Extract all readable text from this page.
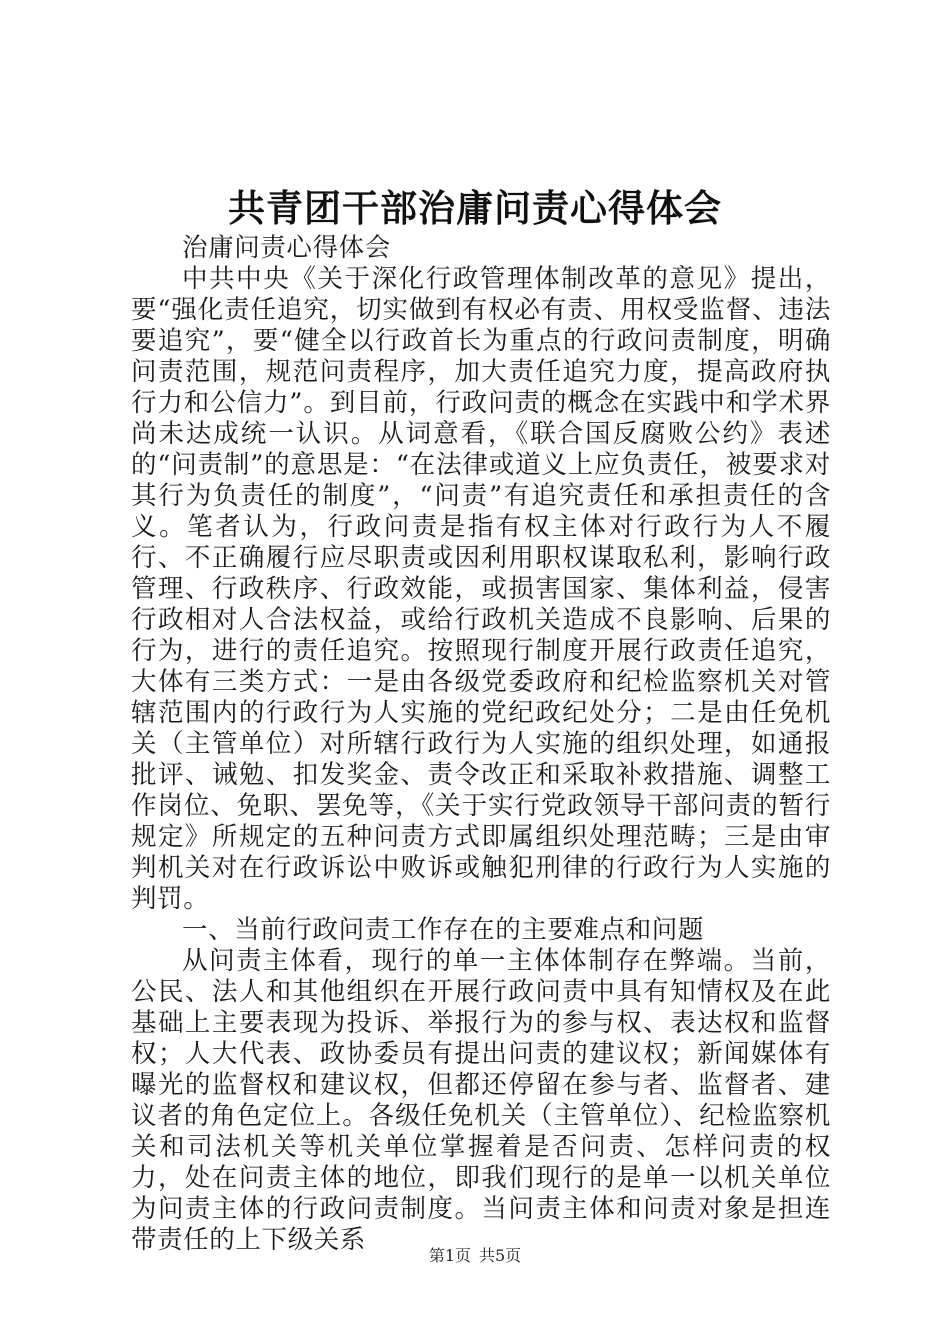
共青团干部治庸问责心得体会

治庸问责心得体会

中共中央《关于深化行政管理体制改革的意见》提出，要“强化责任追究，切实做到有权必有责、用权受监督、违法要追究”，要“健全以行政首长为重点的行政问责制度，明确问责范围，规范问责程序，加大责任追究力度，提高政府执行力和公信力”。到目前，行政问责的概念在实践中和学术界尚未达成统一认识。从词意看，《联合国反腐败公约》表述的“问责制”的意思是：“在法律或道义上应负责任，被要求对其行为负责任的制度”，“问责”有追究责任和承担责任的含义。笔者认为，行政问责是指有权主体对行政行为人不履行、不正确履行应尽职责或因利用职权谋取私利，影响行政管理、行政秩序、行政效能，或损害国家、集体利益，侵害行政相对人合法权益，或给行政机关造成不良影响、后果的行为，进行的责任追究。按照现行制度开展行政责任追究，大体有三类方式：一是由各级党委政府和纪检监察机关对管辖范围内的行政行为人实施的党纪政纪处分；二是由任免机关（主管单位）对所辖行政行为人实施的组织处理，如通报批评、诫勉、扣发奖金、责令改正和采取补救措施、调整工作岗位、免职、罢免等，《关于实行党政领导干部问责的暂行规定》所规定的五种问责方式即属组织处理范畴；三是由审判机关对在行政诉讼中败诉或触犯刑律的行政行为人实施的判罚。

一、当前行政问责工作存在的主要难点和问题

从问责主体看，现行的单一主体体制存在弊端。当前，公民、法人和其他组织在开展行政问责中具有知情权及在此基础上主要表现为投诉、举报行为的参与权、表达权和监督权；人大代表、政协委员有提出问责的建议权；新闻媒体有曝光的监督权和建议权，但都还停留在参与者、监督者、建议者的角色定位上。各级任免机关（主管单位）、纪检监察机关和司法机关等机关单位掌握着是否问责、怎样问责的权力，处在问责主体的地位，即我们现行的是单一以机关单位为问责主体的行政问责制度。当问责主体和问责对象是担连带责任的上下级关系

第1页 共5页
